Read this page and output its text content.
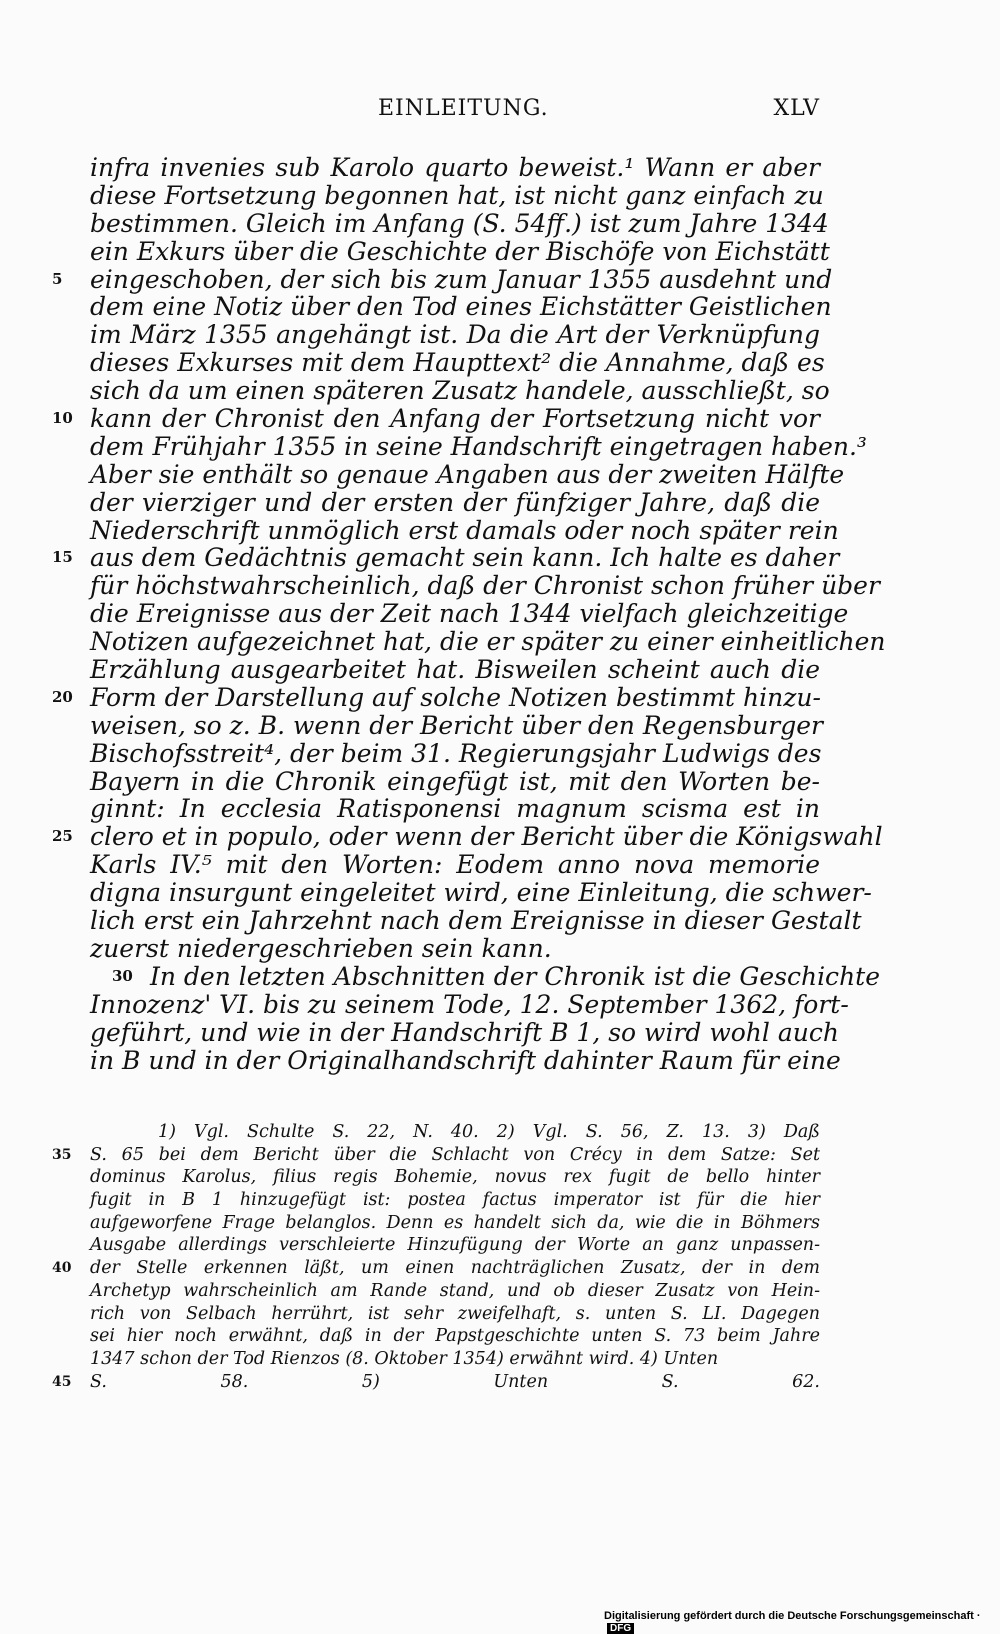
EINLEITUNG.	XLV
infra invenies sub Karolo quarto beweist.¹ Wann er aber
diese Fortsetzung begonnen hat, ist nicht ganz einfach zu
bestimmen. Gleich im Anfang (S. 54ff.) ist zum Jahre 1344
ein Exkurs über die Geschichte der Bischöfe von Eichstätt
5	eingeschoben, der sich bis zum Januar 1355 ausdehnt und
dem eine Notiz über den Tod eines Eichstätter Geistlichen
im März 1355 angehängt ist. Da die Art der Verknüpfung
dieses Exkurses mit dem Haupttext² die Annahme, daß es
sich da um einen späteren Zusatz handele, ausschließt, so
10 kann der Chronist den Anfang der Fortsetzung nicht vor
dem Frühjahr 1355 in seine Handschrift eingetragen haben.³
Aber sie enthält so genaue Angaben aus der zweiten Hälfte
der vierziger und der ersten der fünfziger Jahre, daß die
Niederschrift unmöglich erst damals oder noch später rein
15 aus dem Gedächtnis gemacht sein kann. Ich halte es daher
für höchstwahrscheinlich, daß der Chronist schon früher über
die Ereignisse aus der Zeit nach 1344 vielfach gleichzeitige
Notizen aufgezeichnet hat, die er später zu einer einheitlichen
Erzählung ausgearbeitet hat. Bisweilen scheint auch die
20 Form der Darstellung auf solche Notizen bestimmt hinzu-
weisen, so z. B. wenn der Bericht über den Regensburger
Bischofsstreit⁴, der beim 31. Regierungsjahr Ludwigs des
Bayern in die Chronik eingefügt ist, mit den Worten be-
ginnt: In ecclesia Ratisponensi magnum scisma est in
25 clero et in populo, oder wenn der Bericht über die Königswahl
Karls IV.⁵ mit den Worten: Eodem anno nova memorie
digna insurgunt eingeleitet wird, eine Einleitung, die schwer-
lich erst ein Jahrzehnt nach dem Ereignisse in dieser Gestalt
zuerst niedergeschrieben sein kann.
30 In den letzten Abschnitten der Chronik ist die Geschichte
Innozenz' VI. bis zu seinem Tode, 12. September 1362, fort-
geführt, und wie in der Handschrift B 1, so wird wohl auch
in B und in der Originalhandschrift dahinter Raum für eine
1) Vgl. Schulte S. 22, N. 40. 2) Vgl. S. 56, Z. 13. 3) Daß
35	S. 65 bei dem Bericht über die Schlacht von Crécy in dem Satze: Set
dominus Karolus, filius regis Bohemie, novus rex fugit de bello hinter
fugit in B 1 hinzugefügt ist: postea factus imperator ist für die hier
aufgeworfene Frage belanglos. Denn es handelt sich da, wie die in Böhmers
Ausgabe allerdings verschleierte Hinzufügung der Worte an ganz unpassen-
40	der Stelle erkennen läßt, um einen nachträglichen Zusatz, der in dem
Archetyp wahrscheinlich am Rande stand, und ob dieser Zusatz von Hein-
rich von Selbach herrührt, ist sehr zweifelhaft, s. unten S. LI. Dagegen
sei hier noch erwähnt, daß in der Papstgeschichte unten S. 73 beim Jahre
1347 schon der Tod Rienzos (8. Oktober 1354) erwähnt wird. 4) Unten
45	S. 58. 5) Unten S. 62.
Digitalisierung gefördert durch die Deutsche Forschungsgemeinschaft ·DFG
